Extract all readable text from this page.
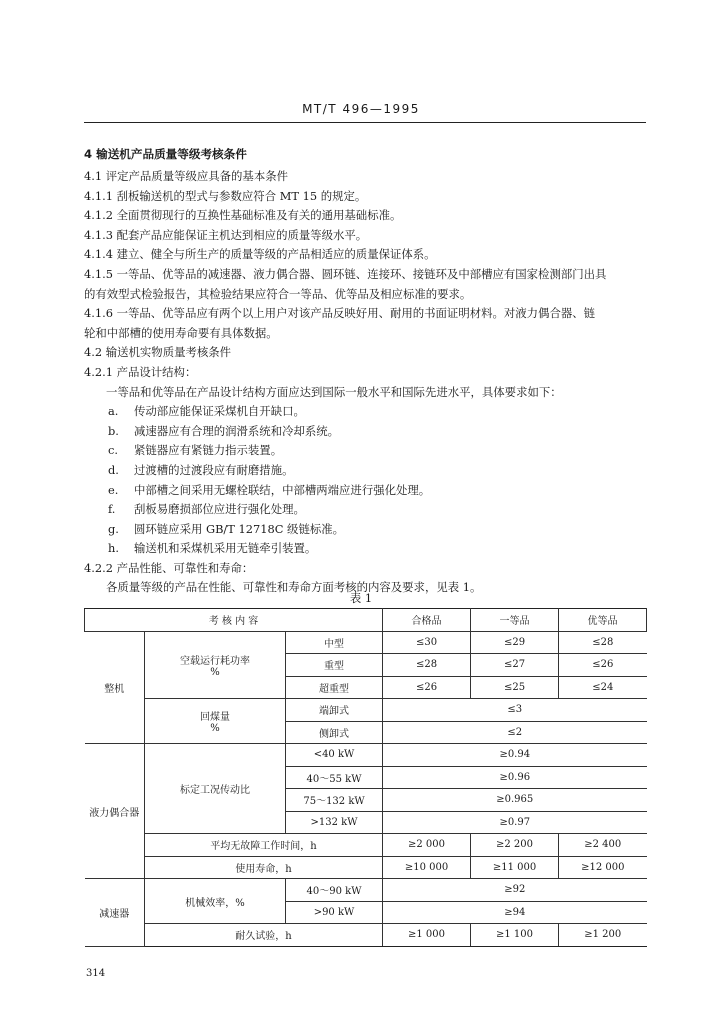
MT/T 496—1995
4 输送机产品质量等级考核条件
4.1 评定产品质量等级应具备的基本条件
4.1.1 刮板输送机的型式与参数应符合 MT 15 的规定。
4.1.2 全面贯彻现行的互换性基础标准及有关的通用基础标准。
4.1.3 配套产品应能保证主机达到相应的质量等级水平。
4.1.4 建立、健全与所生产的质量等级的产品相适应的质量保证体系。
4.1.5 一等品、优等品的减速器、液力偶合器、圆环链、连接环、接链环及中部槽应有国家检测部门出具
的有效型式检验报告，其检验结果应符合一等品、优等品及相应标准的要求。
4.1.6 一等品、优等品应有两个以上用户对该产品反映好用、耐用的书面证明材料。对液力偶合器、链
轮和中部槽的使用寿命要有具体数据。
4.2 输送机实物质量考核条件
4.2.1 产品设计结构：
一等品和优等品在产品设计结构方面应达到国际一般水平和国际先进水平，具体要求如下：
a. 传动部应能保证采煤机自开缺口。
b. 减速器应有合理的润滑系统和冷却系统。
c. 紧链器应有紧链力指示装置。
d. 过渡槽的过渡段应有耐磨措施。
e. 中部槽之间采用无螺栓联结，中部槽两端应进行强化处理。
f. 刮板易磨损部位应进行强化处理。
g. 圆环链应采用 GB/T 12718C 级链标准。
h. 输送机和采煤机采用无链牵引装置。
4.2.2 产品性能、可靠性和寿命：
各质量等级的产品在性能、可靠性和寿命方面考核的内容及要求，见表 1。
表 1
考 核 内 容			合格品	一等品	优等品
整机	空载运行耗功率
%	中型	≤30	≤29	≤28
		重型	≤28	≤27	≤26
		超重型	≤26	≤25	≤24

	回煤量
%	端卸式	≤3		
		侧卸式	≤2		
液力偶合器	标定工况传动比	<40 kW	≥0.94		
		40～55 kW	≥0.96		
		75～132 kW	≥0.965		
		>132 kW	≥0.97		
	平均无故障工作时间，h		≥2 000	≥2 200	≥2 400
	使用寿命，h		≥10 000	≥11 000	≥12 000
减速器	机械效率，%	40～90 kW	≥92		
		>90 kW	≥94		
	耐久试验，h		≥1 000	≥1 100	≥1 200
314
